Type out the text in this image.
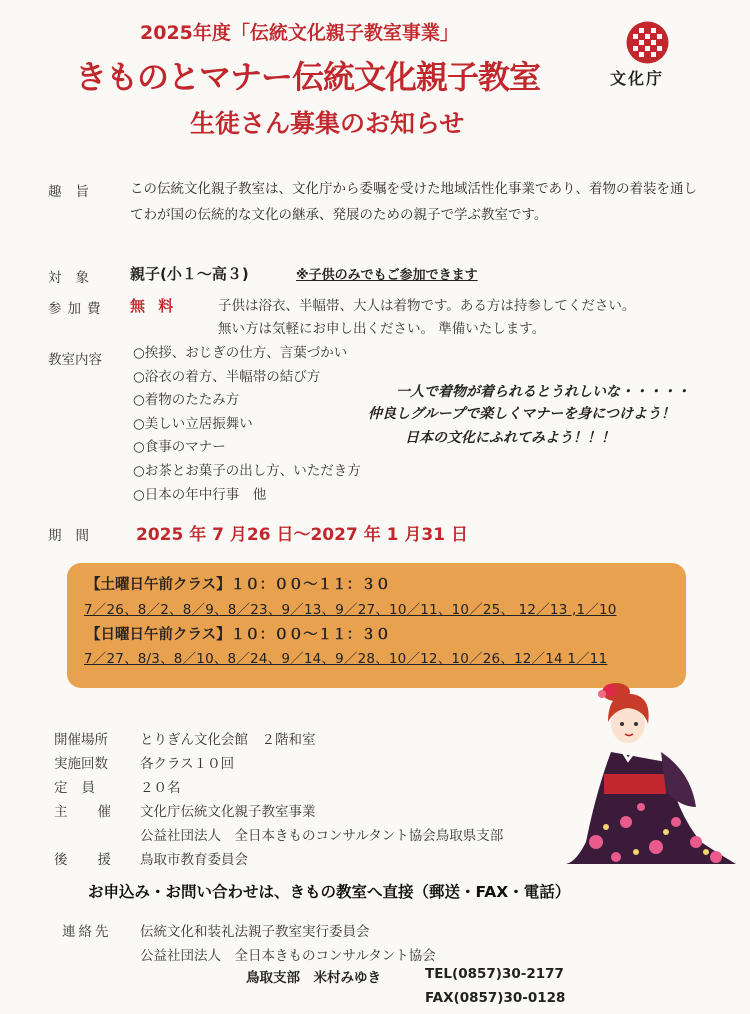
2025年度「伝統文化親子教室事業」
きものとマナー伝統文化親子教室
生徒さん募集のお知らせ
文化庁
趣旨 この伝統文化親子教室は、文化庁から委嘱を受けた地域活性化事業であり、着物の着装を通してわが国の伝統的な文化の継承、発展のための親子で学ぶ教室です。
対象 親子(小１～高３)	※子供のみでもご参加できます
参加費 無 料	子供は浴衣、半幅帯、大人は着物です。ある方は持参してください。
無い方は気軽にお申し出ください。 準備いたします。
教室内容 ○挨拶、おじぎの仕方、言葉づかい
○浴衣の着方、半幅帯の結び方
○着物のたたみ方
○美しい立居振舞い
○食事のマナー
○お茶とお菓子の出し方、いただき方
○日本の年中行事　他
一人で着物が着られるとうれしいな・・・・・
仲良しグループで楽しくマナーを身につけよう！
日本の文化にふれてみよう！！！
期間 2025 年 7 月26 日～2027 年 1 月31 日
【土曜日午前クラス】１０：００～１１：３０
7／26、8／2、8／9、8／23、9／13、9／27、10／11、10／25、 12／13 ,1／10
【日曜日午前クラス】１０：００～１１：３０
7／27、8/3、8／10、8／24、9／14、9／28、10／12、10／26、12／14 1／11
開催場所 とりぎん文化会館　２階和室
実施回数 各クラス１０回
定員 ２０名
主催 文化庁伝統文化親子教室事業
公益社団法人　全日本きものコンサルタント協会鳥取県支部
後援 鳥取市教育委員会
お申込み・お問い合わせは、きもの教室へ直接（郵送・FAX・電話）
連絡先 伝統文化和装礼法親子教室実行委員会
公益社団法人　全日本きものコンサルタント協会
鳥取支部　米村みゆき	TEL(0857)30-2177
FAX(0857)30-0128
